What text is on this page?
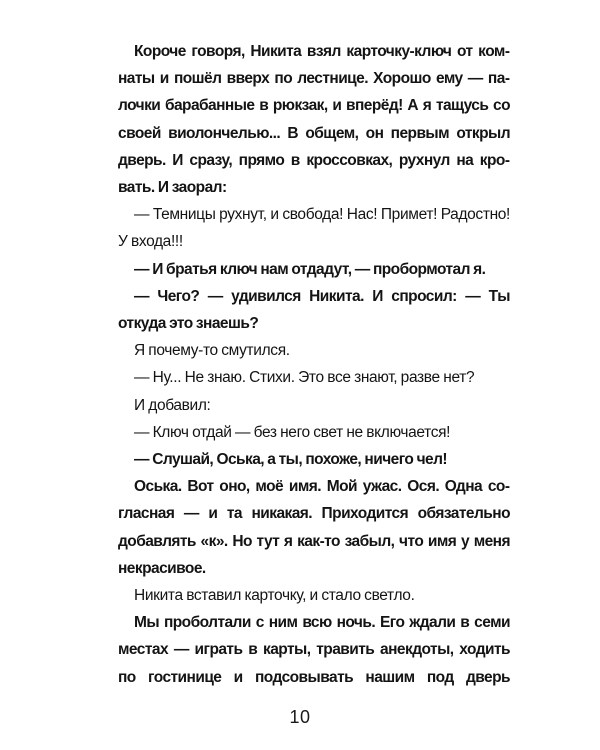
Короче говоря, Никита взял карточку-ключ от комнаты и пошёл вверх по лестнице. Хорошо ему — палочки барабанные в рюкзак, и вперёд! А я тащусь со своей виолончелью... В общем, он первым открыл дверь. И сразу, прямо в кроссовках, рухнул на кровать. И заорал:

— Темницы рухнут, и свобода! Нас! Примет! Радостно! У входа!!!

— И братья ключ нам отдадут, — пробормотал я.

— Чего? — удивился Никита. И спросил: — Ты откуда это знаешь?

Я почему-то смутился.

— Ну... Не знаю. Стихи. Это все знают, разве нет?

И добавил:

— Ключ отдай — без него свет не включается!

— Слушай, Оська, а ты, похоже, ничего чел!

Оська. Вот оно, моё имя. Мой ужас. Ося. Одна согласная — и та никакая. Приходится обязательно добавлять «к». Но тут я как-то забыл, что имя у меня некрасивое.

Никита вставил карточку, и стало светло.

Мы проболтали с ним всю ночь. Его ждали в семи местах — играть в карты, травить анекдоты, ходить по гостинице и подсовывать нашим под дверь

10
